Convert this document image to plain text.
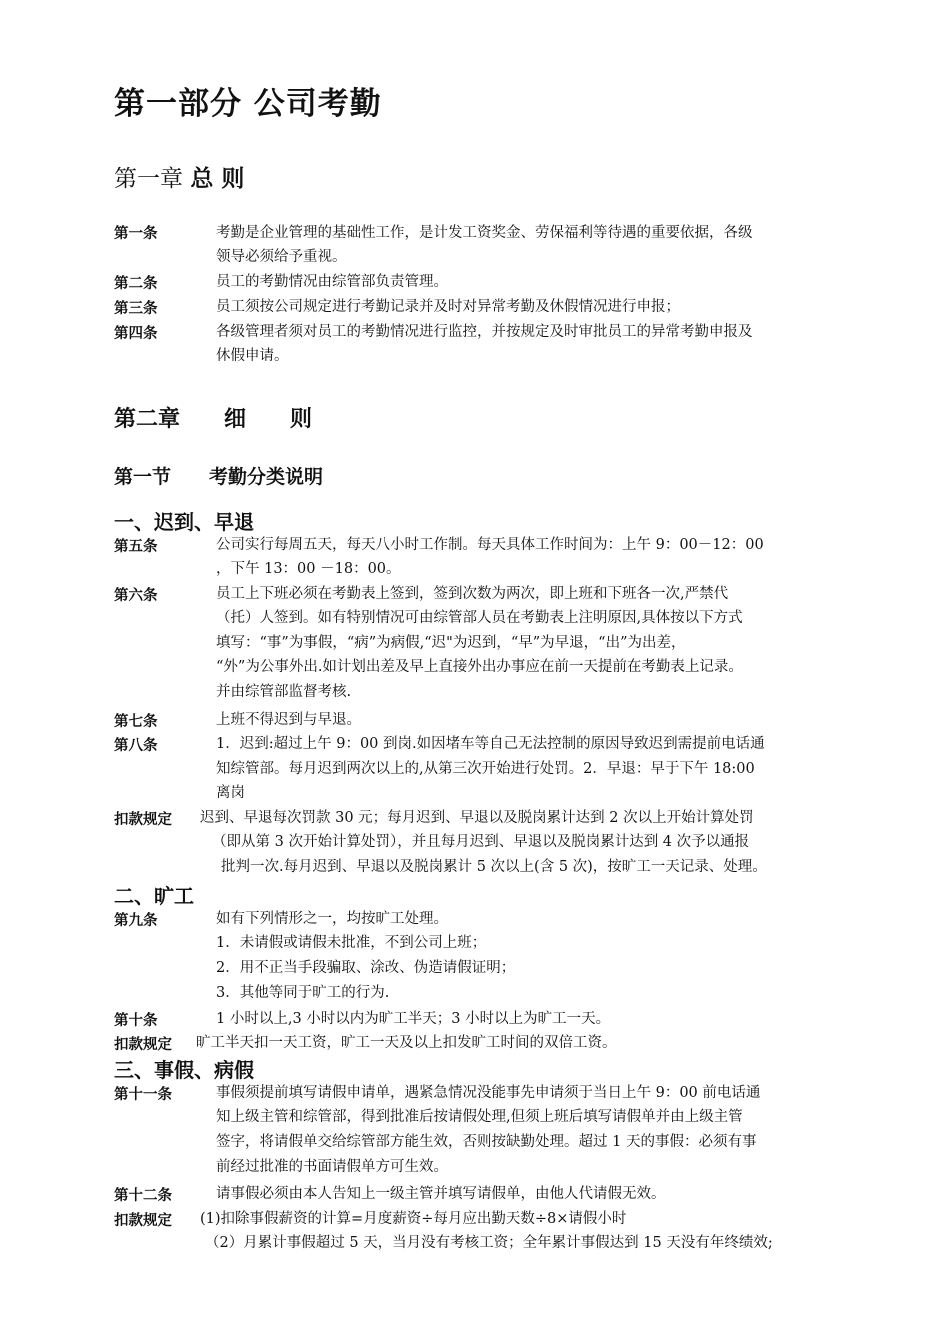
第一部分 公司考勤
第一章 总 则
第一条	考勤是企业管理的基础性工作，是计发工资奖金、劳保福利等待遇的重要依据，各级
领导必须给予重视。
第二条	员工的考勤情况由综管部负责管理。
第三条	员工须按公司规定进行考勤记录并及时对异常考勤及休假情况进行申报；
第四条	各级管理者须对员工的考勤情况进行监控，并按规定及时审批员工的异常考勤申报及
休假申请。
第二章　　细　　则
第一节　　考勤分类说明
一、迟到、早退
第五条	公司实行每周五天，每天八小时工作制。每天具体工作时间为：上午 9：00－12：00
，下午 13：00 －18：00。
第六条	员工上下班必须在考勤表上签到，签到次数为两次，即上班和下班各一次,严禁代
（托）人签到。如有特别情况可由综管部人员在考勤表上注明原因,具体按以下方式
填写：“事”为事假，“病”为病假,“迟"为迟到，“早”为早退，“出”为出差，
“外”为公事外出.如计划出差及早上直接外出办事应在前一天提前在考勤表上记录。
并由综管部监督考核.
第七条	上班不得迟到与早退。
第八条	1．迟到:超过上午 9：00 到岗.如因堵车等自己无法控制的原因导致迟到需提前电话通
知综管部。每月迟到两次以上的,从第三次开始进行处罚。2．早退：早于下午 18:00
离岗
扣款规定 迟到、早退每次罚款 30 元；每月迟到、早退以及脱岗累计达到 2 次以上开始计算处罚
（即从第 3 次开始计算处罚），并且每月迟到、早退以及脱岗累计达到 4 次予以通报
批判一次.每月迟到、早退以及脱岗累计 5 次以上(含 5 次)，按旷工一天记录、处理。
二、旷工
第九条	如有下列情形之一，均按旷工处理。
1．未请假或请假未批准，不到公司上班；
2．用不正当手段骗取、涂改、伪造请假证明；
3．其他等同于旷工的行为.
第十条	1 小时以上,3 小时以内为旷工半天；3 小时以上为旷工一天。
扣款规定 旷工半天扣一天工资，旷工一天及以上扣发旷工时间的双倍工资。
三、事假、病假
第十一条	事假须提前填写请假申请单，遇紧急情况没能事先申请须于当日上午 9：00 前电话通
知上级主管和综管部，得到批准后按请假处理,但须上班后填写请假单并由上级主管
签字，将请假单交给综管部方能生效，否则按缺勤处理。超过 1 天的事假：必须有事
前经过批准的书面请假单方可生效。
第十二条	请事假必须由本人告知上一级主管并填写请假单，由他人代请假无效。
扣款规定 (1)扣除事假薪资的计算=月度薪资÷每月应出勤天数÷8×请假小时
（2）月累计事假超过 5 天，当月没有考核工资；全年累计事假达到 15 天没有年终绩效;
